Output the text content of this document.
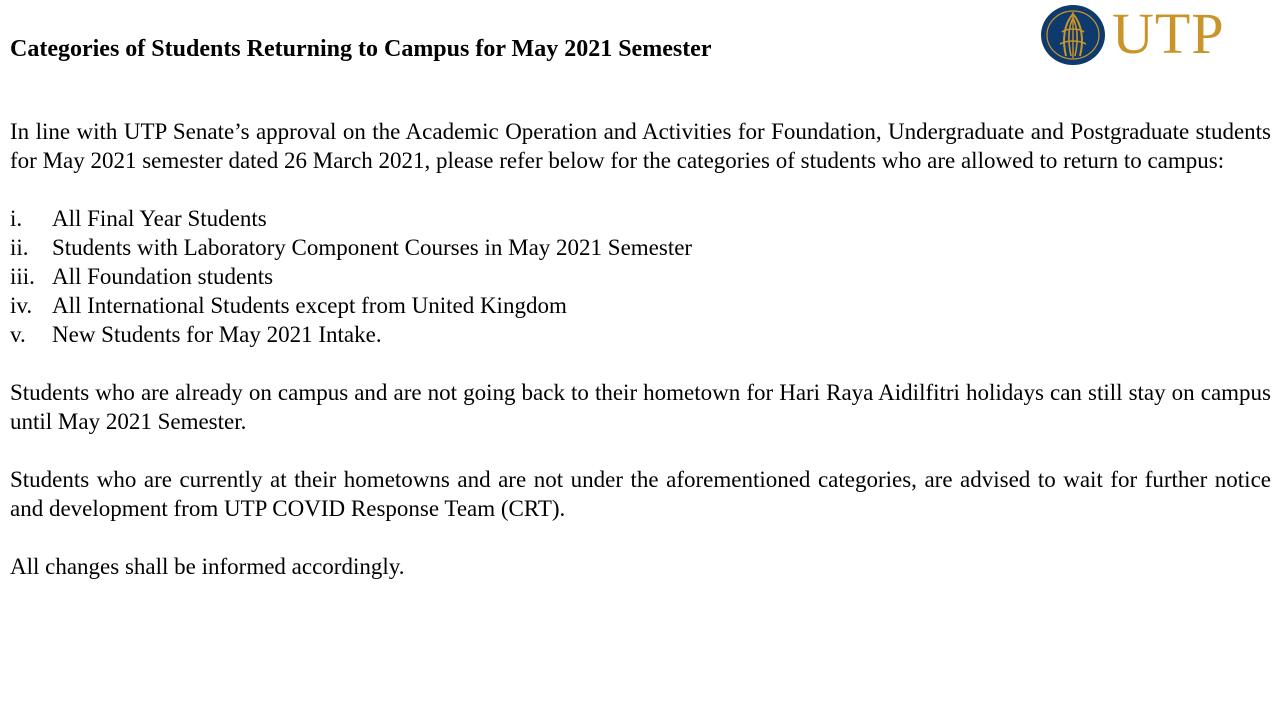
Categories of Students Returning to Campus for May 2021 Semester	UTP

In line with UTP Senate’s approval on the Academic Operation and Activities for Foundation, Undergraduate and Postgraduate students for May 2021 semester dated 26 March 2021, please refer below for the categories of students who are allowed to return to campus:

i.	All Final Year Students
ii.	Students with Laboratory Component Courses in May 2021 Semester
iii. All Foundation students
iv. All International Students except from United Kingdom
v.	New Students for May 2021 Intake.

Students who are already on campus and are not going back to their hometown for Hari Raya Aidilfitri holidays can still stay on campus until May 2021 Semester.

Students who are currently at their hometowns and are not under the aforementioned categories, are advised to wait for further notice and development from UTP COVID Response Team (CRT).

All changes shall be informed accordingly.
